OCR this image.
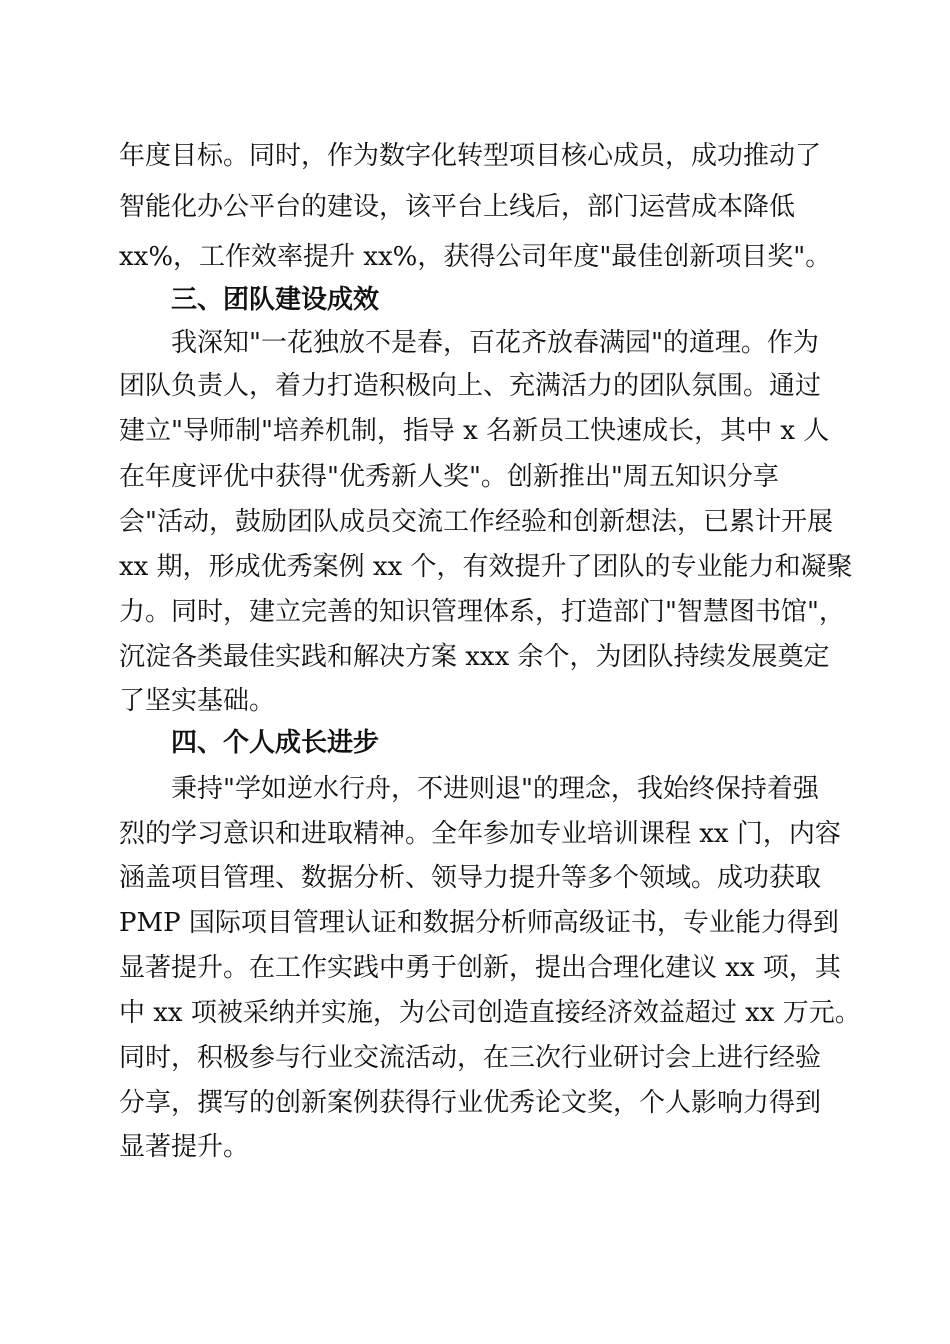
年度目标。同时，作为数字化转型项目核心成员，成功推动了
智能化办公平台的建设，该平台上线后，部门运营成本降低
xx%，工作效率提升 xx%，获得公司年度"最佳创新项目奖"。
三、团队建设成效
我深知"一花独放不是春，百花齐放春满园"的道理。作为
团队负责人，着力打造积极向上、充满活力的团队氛围。通过
建立"导师制"培养机制，指导 x 名新员工快速成长，其中 x 人
在年度评优中获得"优秀新人奖"。创新推出"周五知识分享
会"活动，鼓励团队成员交流工作经验和创新想法，已累计开展
xx 期，形成优秀案例 xx 个，有效提升了团队的专业能力和凝聚
力。同时，建立完善的知识管理体系，打造部门"智慧图书馆"，
沉淀各类最佳实践和解决方案 xxx 余个，为团队持续发展奠定
了坚实基础。
四、个人成长进步
秉持"学如逆水行舟，不进则退"的理念，我始终保持着强
烈的学习意识和进取精神。全年参加专业培训课程 xx 门，内容
涵盖项目管理、数据分析、领导力提升等多个领域。成功获取
PMP 国际项目管理认证和数据分析师高级证书，专业能力得到
显著提升。在工作实践中勇于创新，提出合理化建议 xx 项，其
中 xx 项被采纳并实施，为公司创造直接经济效益超过 xx 万元。
同时，积极参与行业交流活动，在三次行业研讨会上进行经验
分享，撰写的创新案例获得行业优秀论文奖，个人影响力得到
显著提升。
